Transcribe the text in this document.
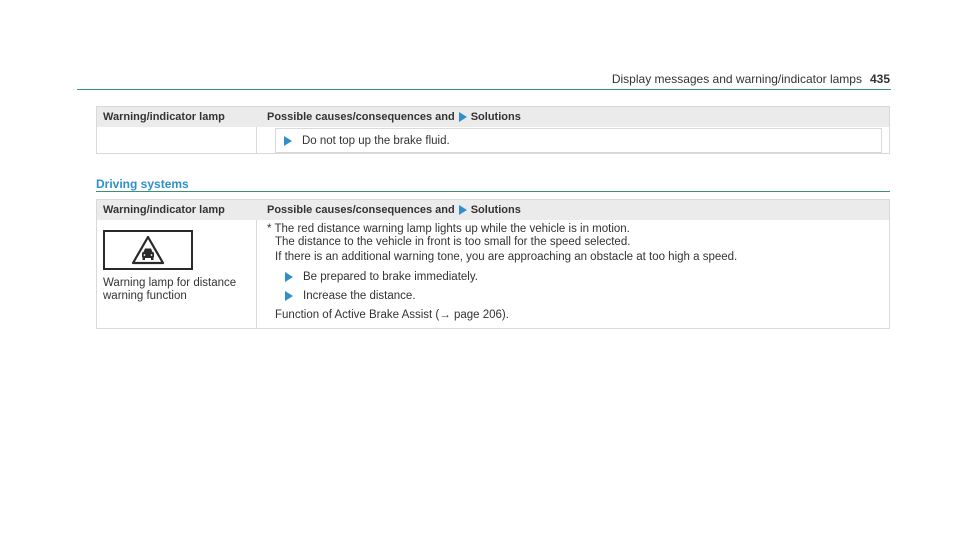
Display messages and warning/indicator lamps 435
Warning/indicator lamp	Possible causes/consequences and Solutions
Do not top up the brake fluid.
Driving systems
Warning/indicator lamp	Possible causes/consequences and Solutions
Warning lamp for distance warning function
* The red distance warning lamp lights up while the vehicle is in motion.
The distance to the vehicle in front is too small for the speed selected.
If there is an additional warning tone, you are approaching an obstacle at too high a speed.
Be prepared to brake immediately.
Increase the distance.
Function of Active Brake Assist (→ page 206).
